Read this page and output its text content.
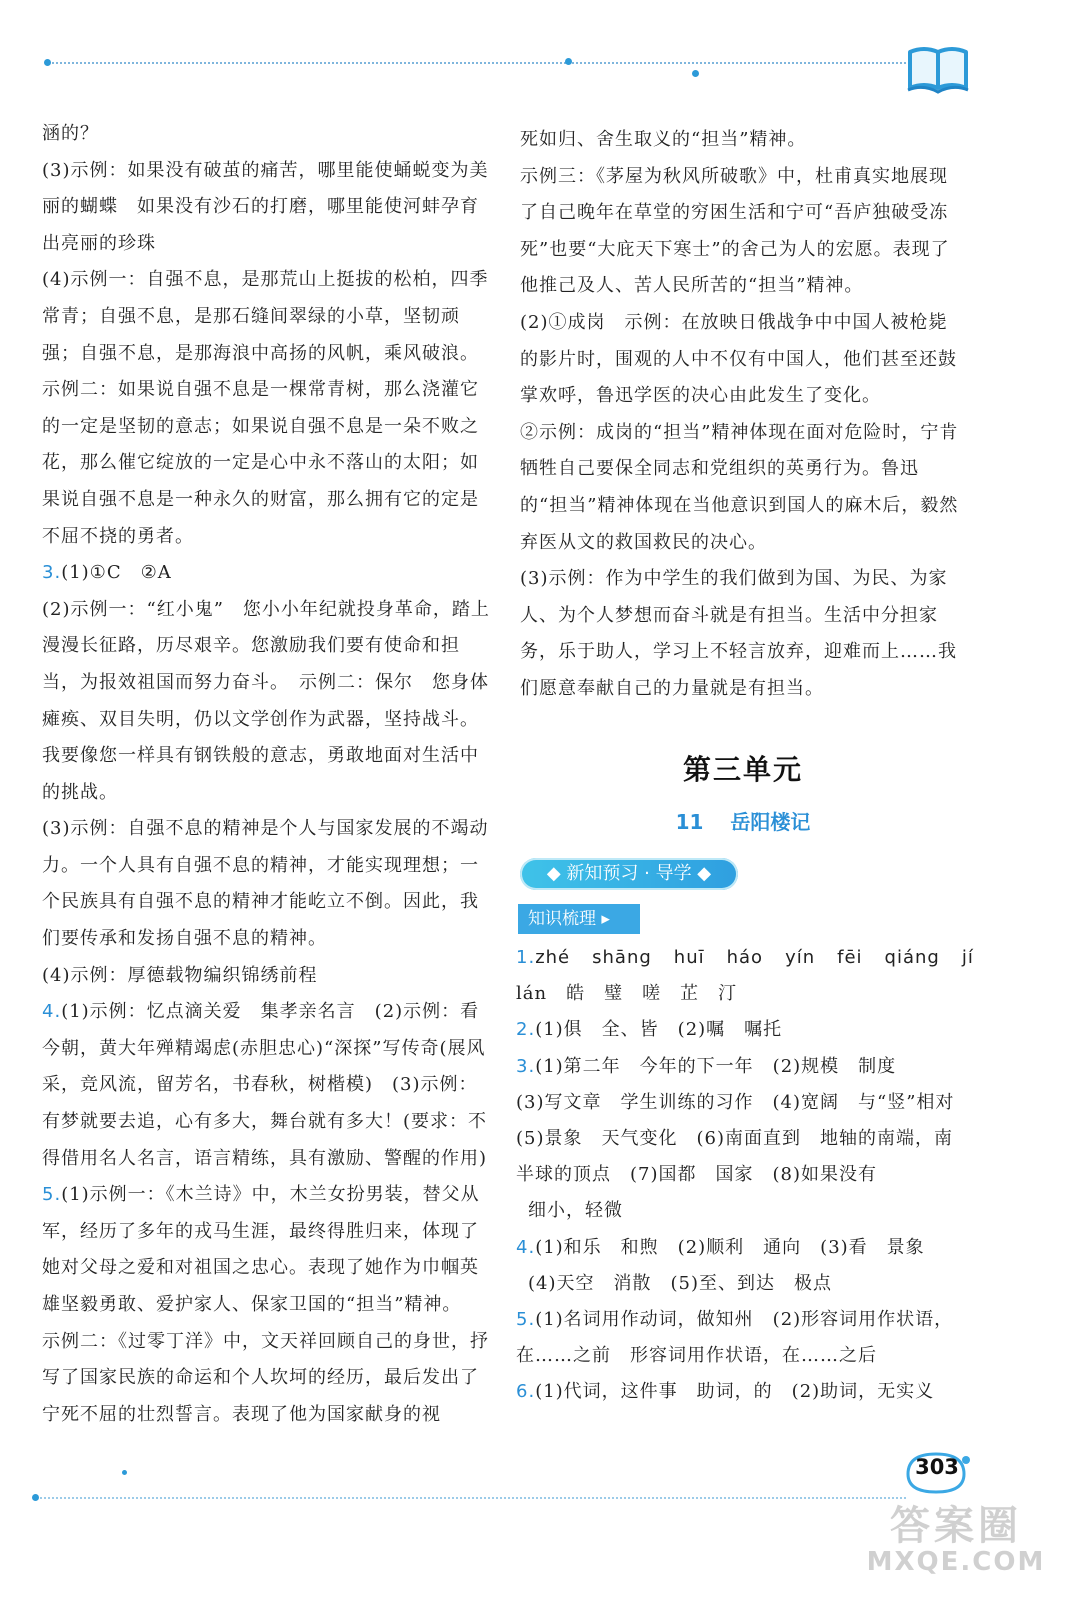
涵的？

(3)示例：如果没有破茧的痛苦，哪里能使蛹蜕变为美丽的蝴蝶　如果没有沙石的打磨，哪里能使河蚌孕育出亮丽的珍珠

(4)示例一：自强不息，是那荒山上挺拔的松柏，四季常青；自强不息，是那石缝间翠绿的小草，坚韧顽强；自强不息，是那海浪中高扬的风帆，乘风破浪。　示例二：如果说自强不息是一棵常青树，那么浇灌它的一定是坚韧的意志；如果说自强不息是一朵不败之花，那么催它绽放的一定是心中永不落山的太阳；如果说自强不息是一种永久的财富，那么拥有它的定是不屈不挠的勇者。

3.(1)①C　②A

(2)示例一：“红小鬼”　您小小年纪就投身革命，踏上漫漫长征路，历尽艰辛。您激励我们要有使命和担当，为报效祖国而努力奋斗。　示例二：保尔　您身体瘫痪、双目失明，仍以文学创作为武器，坚持战斗。我要像您一样具有钢铁般的意志，勇敢地面对生活中的挑战。

(3)示例：自强不息的精神是个人与国家发展的不竭动力。一个人具有自强不息的精神，才能实现理想；一个民族具有自强不息的精神才能屹立不倒。因此，我们要传承和发扬自强不息的精神。

(4)示例：厚德载物编织锦绣前程

4.(1)示例：忆点滴关爱　集孝亲名言　(2)示例：看今朝，黄大年殚精竭虑(赤胆忠心)“深探”写传奇(展风采，竞风流，留芳名，书春秋，树楷模)　(3)示例：有梦就要去追，心有多大，舞台就有多大！(要求：不得借用名人名言，语言精练，具有激励、警醒的作用)

5.(1)示例一：《木兰诗》中，木兰女扮男装，替父从军，经历了多年的戎马生涯，最终得胜归来，体现了她对父母之爱和对祖国之忠心。表现了她作为巾帼英雄坚毅勇敢、爱护家人、保家卫国的“担当”精神。　示例二：《过零丁洋》中，文天祥回顾自己的身世，抒写了国家民族的命运和个人坎坷的经历，最后发出了宁死不屈的壮烈誓言。表现了他为国家献身的视

死如归、舍生取义的“担当”精神。

示例三：《茅屋为秋风所破歌》中，杜甫真实地展现了自己晚年在草堂的穷困生活和宁可“吾庐独破受冻死”也要“大庇天下寒士”的舍己为人的宏愿。表现了他推己及人、苦人民所苦的“担当”精神。

(2)①成岗　示例：在放映日俄战争中中国人被枪毙的影片时，围观的人中不仅有中国人，他们甚至还鼓掌欢呼，鲁迅学医的决心由此发生了变化。

②示例：成岗的“担当”精神体现在面对危险时，宁肯牺牲自己要保全同志和党组织的英勇行为。鲁迅的“担当”精神体现在当他意识到国人的麻木后，毅然弃医从文的救国救民的决心。

(3)示例：作为中学生的我们做到为国、为民、为家人、为个人梦想而奋斗就是有担当。生活中分担家务，乐于助人，学习上不轻言放弃，迎难而上……我们愿意奉献自己的力量就是有担当。

第三单元
11 岳阳楼记
◆ 新知预习 · 导学 ◆
知识梳理 ▸

1.zhé shāng huī háo yín fēi qiáng jí

lán　皓　璧　嗟　芷　汀

2.(1)俱　全、皆　(2)嘱　嘱托

3.(1)第二年　今年的下一年　(2)规模　制度

(3)写文章　学生训练的习作　(4)宽阔　与“竖”相对　(5)景象　天气变化　(6)南面直到　地轴的南端，南半球的顶点　(7)国都　国家　(8)如果没有

细小，轻微

4.(1)和乐　和煦　(2)顺利　通向　(3)看　景象

(4)天空　消散　(5)至、到达　极点

5.(1)名词用作动词，做知州　(2)形容词用作状语，在……之前　形容词用作状语，在……之后

6.(1)代词，这件事　助词，的　(2)助词，无实义

303
答案圈
MXQE.COM
